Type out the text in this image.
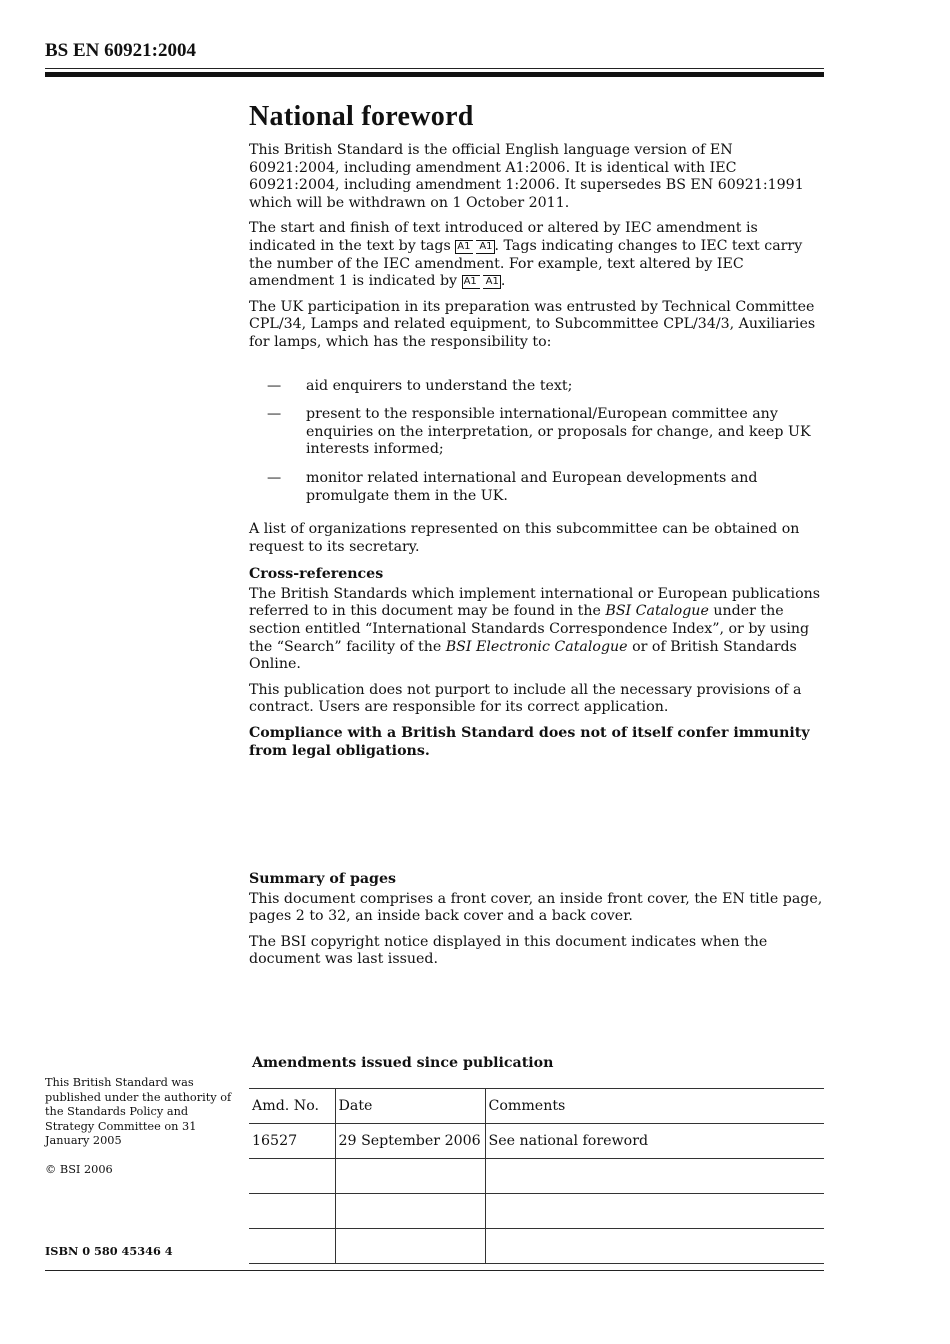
BS EN 60921:2004
National foreword

This British Standard is the official English language version of EN 60921:2004, including amendment A1:2006. It is identical with IEC 60921:2004, including amendment 1:2006. It supersedes BS EN 60921:1991 which will be withdrawn on 1 October 2011.

The start and finish of text introduced or altered by IEC amendment is indicated in the text by tags A1  A1 . Tags indicating changes to IEC text carry the number of the IEC amendment. For example, text altered by IEC amendment 1 is indicated by A1  A1 .

The UK participation in its preparation was entrusted by Technical Committee CPL/34, Lamps and related equipment, to Subcommittee CPL/34/3, Auxiliaries for lamps, which has the responsibility to:

— aid enquirers to understand the text;
— present to the responsible international/European committee any enquiries on the interpretation, or proposals for change, and keep UK interests informed;
— monitor related international and European developments and promulgate them in the UK.

A list of organizations represented on this subcommittee can be obtained on request to its secretary.

Cross-references

The British Standards which implement international or European publications referred to in this document may be found in the BSI Catalogue under the section entitled “International Standards Correspondence Index”, or by using the “Search” facility of the BSI Electronic Catalogue or of British Standards Online.

This publication does not purport to include all the necessary provisions of a contract. Users are responsible for its correct application.

Compliance with a British Standard does not of itself confer immunity from legal obligations.

Summary of pages

This document comprises a front cover, an inside front cover, the EN title page, pages 2 to 32, an inside back cover and a back cover.

The BSI copyright notice displayed in this document indicates when the document was last issued.

This British Standard was published under the authority of the Standards Policy and Strategy Committee on 31 January 2005

© BSI 2006

ISBN 0 580 45346 4
Amendments issued since publication
Amd. No.	Date	Comments
16527	29 September 2006	See national foreword
